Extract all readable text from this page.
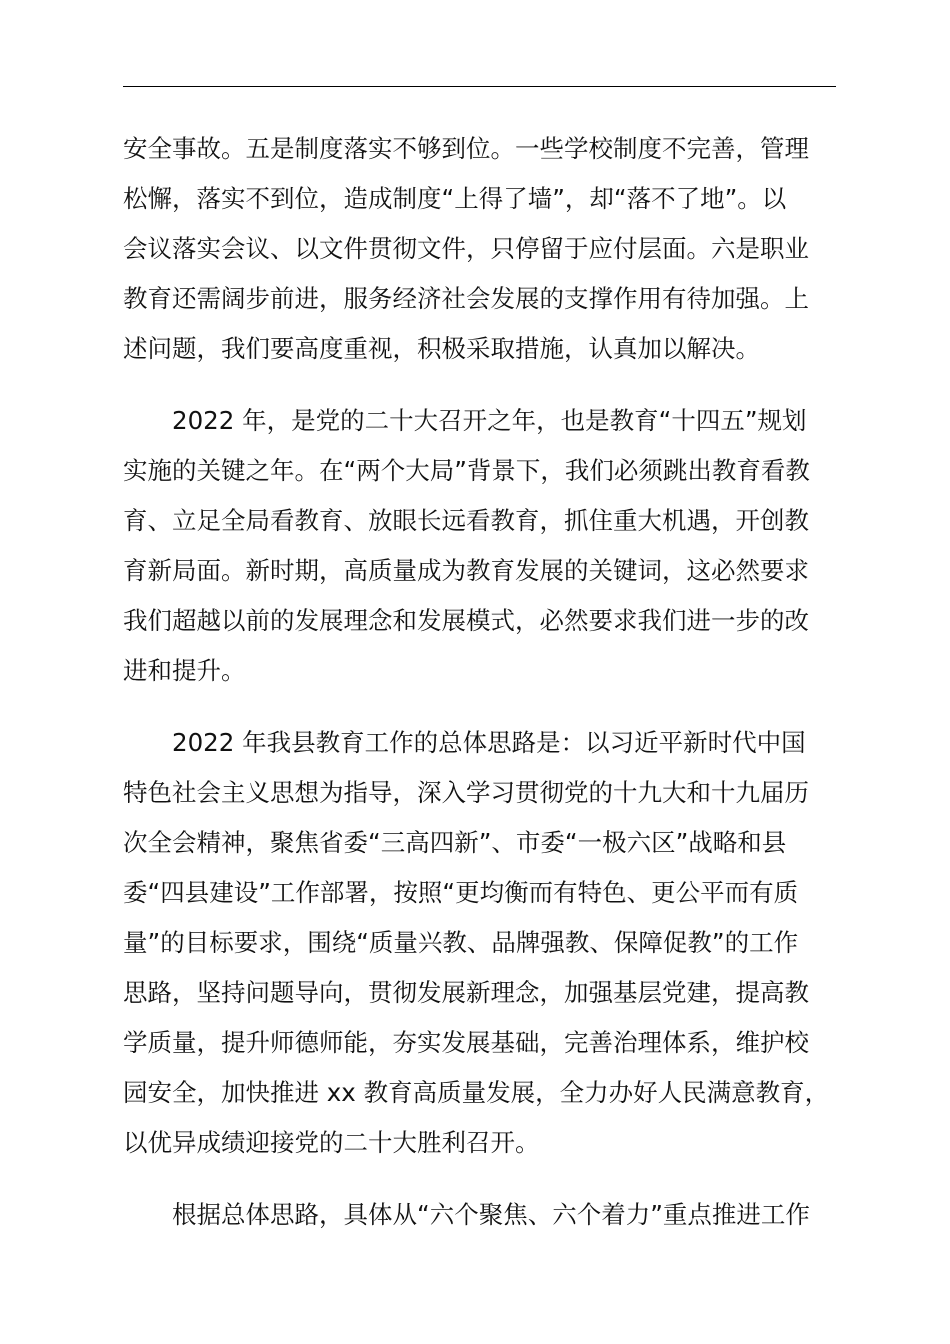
安全事故。五是制度落实不够到位。一些学校制度不完善，管理
松懈，落实不到位，造成制度“上得了墙”，却“落不了地”。以
会议落实会议、以文件贯彻文件，只停留于应付层面。六是职业
教育还需阔步前进，服务经济社会发展的支撑作用有待加强。上
述问题，我们要高度重视，积极采取措施，认真加以解决。
2022 年，是党的二十大召开之年，也是教育“十四五”规划
实施的关键之年。在“两个大局”背景下，我们必须跳出教育看教
育、立足全局看教育、放眼长远看教育，抓住重大机遇，开创教
育新局面。新时期，高质量成为教育发展的关键词，这必然要求
我们超越以前的发展理念和发展模式，必然要求我们进一步的改
进和提升。
2022 年我县教育工作的总体思路是：以习近平新时代中国
特色社会主义思想为指导，深入学习贯彻党的十九大和十九届历
次全会精神，聚焦省委“三高四新”、市委“一极六区”战略和县
委“四县建设”工作部署，按照“更均衡而有特色、更公平而有质
量”的目标要求，围绕“质量兴教、品牌强教、保障促教”的工作
思路，坚持问题导向，贯彻发展新理念，加强基层党建，提高教
学质量，提升师德师能，夯实发展基础，完善治理体系，维护校
园安全，加快推进 xx 教育高质量发展，全力办好人民满意教育，
以优异成绩迎接党的二十大胜利召开。
根据总体思路，具体从“六个聚焦、六个着力”重点推进工作
